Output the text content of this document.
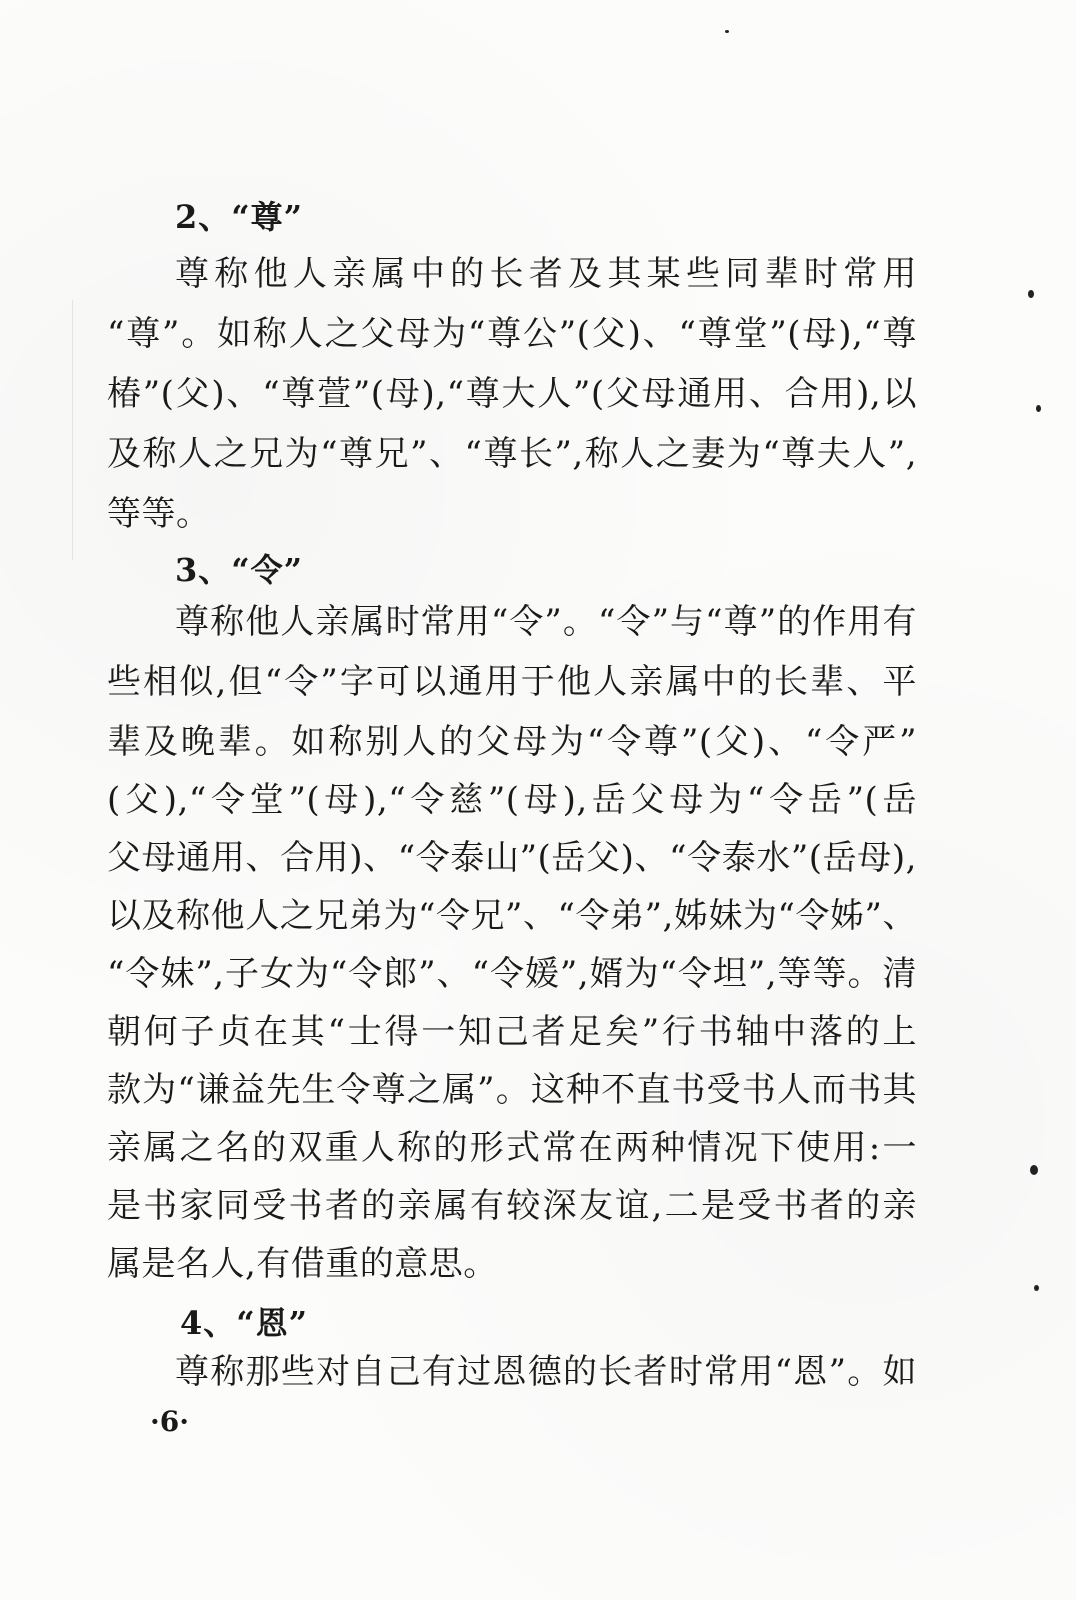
2、“尊”
尊称他人亲属中的长者及其某些同辈时常用
“尊”。如称人之父母为“尊公”(父)、“尊堂”(母),“尊
椿”(父)、“尊萱”(母),“尊大人”(父母通用、合用),以
及称人之兄为“尊兄”、“尊长”,称人之妻为“尊夫人”,
等等。
3、“令”
尊称他人亲属时常用“令”。“令”与“尊”的作用有
些相似,但“令”字可以通用于他人亲属中的长辈、平
辈及晚辈。如称别人的父母为“令尊”(父)、“令严”
(父),“令堂”(母),“令慈”(母),岳父母为“令岳”(岳
父母通用、合用)、“令泰山”(岳父)、“令泰水”(岳母),
以及称他人之兄弟为“令兄”、“令弟”,姊妹为“令姊”、
“令妹”,子女为“令郎”、“令媛”,婿为“令坦”,等等。清
朝何子贞在其“士得一知己者足矣”行书轴中落的上
款为“谦益先生令尊之属”。这种不直书受书人而书其
亲属之名的双重人称的形式常在两种情况下使用:一
是书家同受书者的亲属有较深友谊,二是受书者的亲
属是名人,有借重的意思。
4、“恩”
尊称那些对自己有过恩德的长者时常用“恩”。如
·6·
